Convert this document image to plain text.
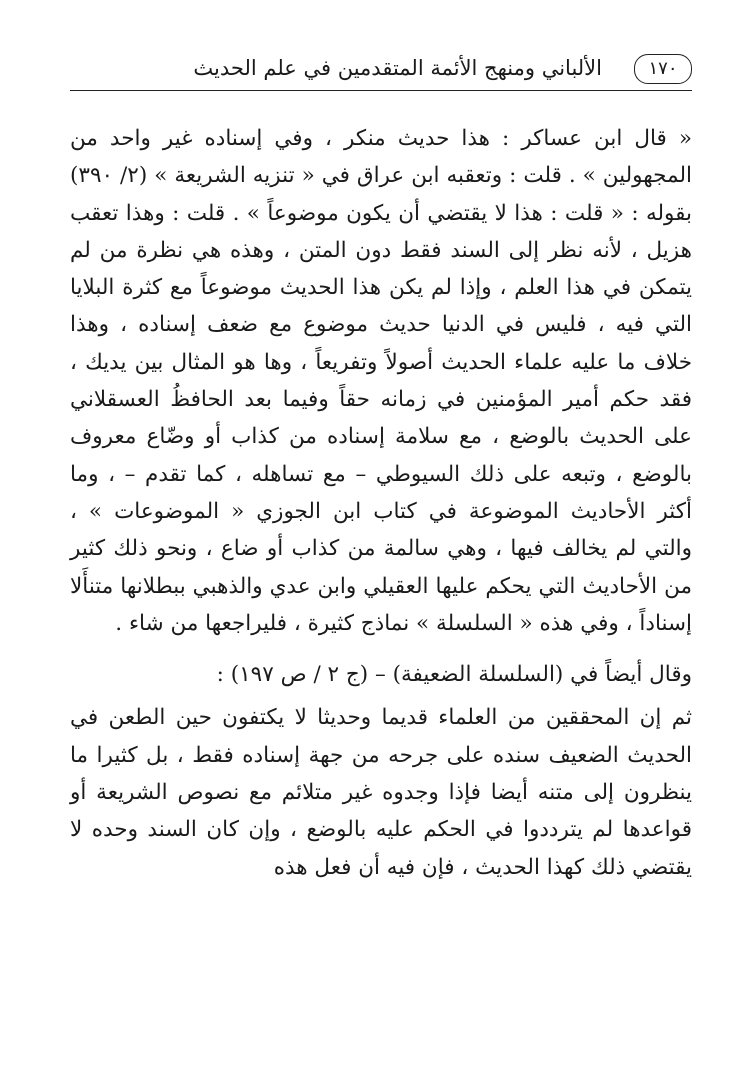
١٧٠
الألباني ومنهج الأئمة المتقدمين في علم الحديث

« قال ابن عساكر : هذا حديث منكر ، وفي إسناده غير واحد من المجهولين » . قلت : وتعقبه ابن عراق في « تنزيه الشريعة » (٢/ ٣٩٠) بقوله : « قلت : هذا لا يقتضي أن يكون موضوعاً » . قلت : وهذا تعقب هزيل ، لأنه نظر إلى السند فقط دون المتن ، وهذه هي نظرة من لم يتمكن في هذا العلم ، وإذا لم يكن هذا الحديث موضوعاً مع كثرة البلايا التي فيه ، فليس في الدنيا حديث موضوع مع ضعف إسناده ، وهذا خلاف ما عليه علماء الحديث أصولاً وتفريعاً ، وها هو المثال بين يديك ، فقد حكم أمير المؤمنين في زمانه حقاً وفيما بعد الحافظُ العسقلاني على الحديث بالوضع ، مع سلامة إسناده من كذاب أو وضّاع معروف بالوضع ، وتبعه على ذلك السيوطي – مع تساهله ، كما تقدم – ، وما أكثر الأحاديث الموضوعة في كتاب ابن الجوزي « الموضوعات » ، والتي لم يخالف فيها ، وهي سالمة من كذاب أو ضاع ، ونحو ذلك كثير من الأحاديث التي يحكم عليها العقيلي وابن عدي والذهبي ببطلانها متنأَلا إسناداً ، وفي هذه « السلسلة » نماذج كثيرة ، فليراجعها من شاء .

وقال أيضاً في (السلسلة الضعيفة) – (ج ٢ / ص ١٩٧) :

ثم إن المحققين من العلماء قديما وحديثا لا يكتفون حين الطعن في الحديث الضعيف سنده على جرحه من جهة إسناده فقط ، بل كثيرا ما ينظرون إلى متنه أيضا فإذا وجدوه غير متلائم مع نصوص الشريعة أو قواعدها لم يترددوا في الحكم عليه بالوضع ، وإن كان السند وحده لا يقتضي ذلك كهذا الحديث ، فإن فيه أن فعل هذه
